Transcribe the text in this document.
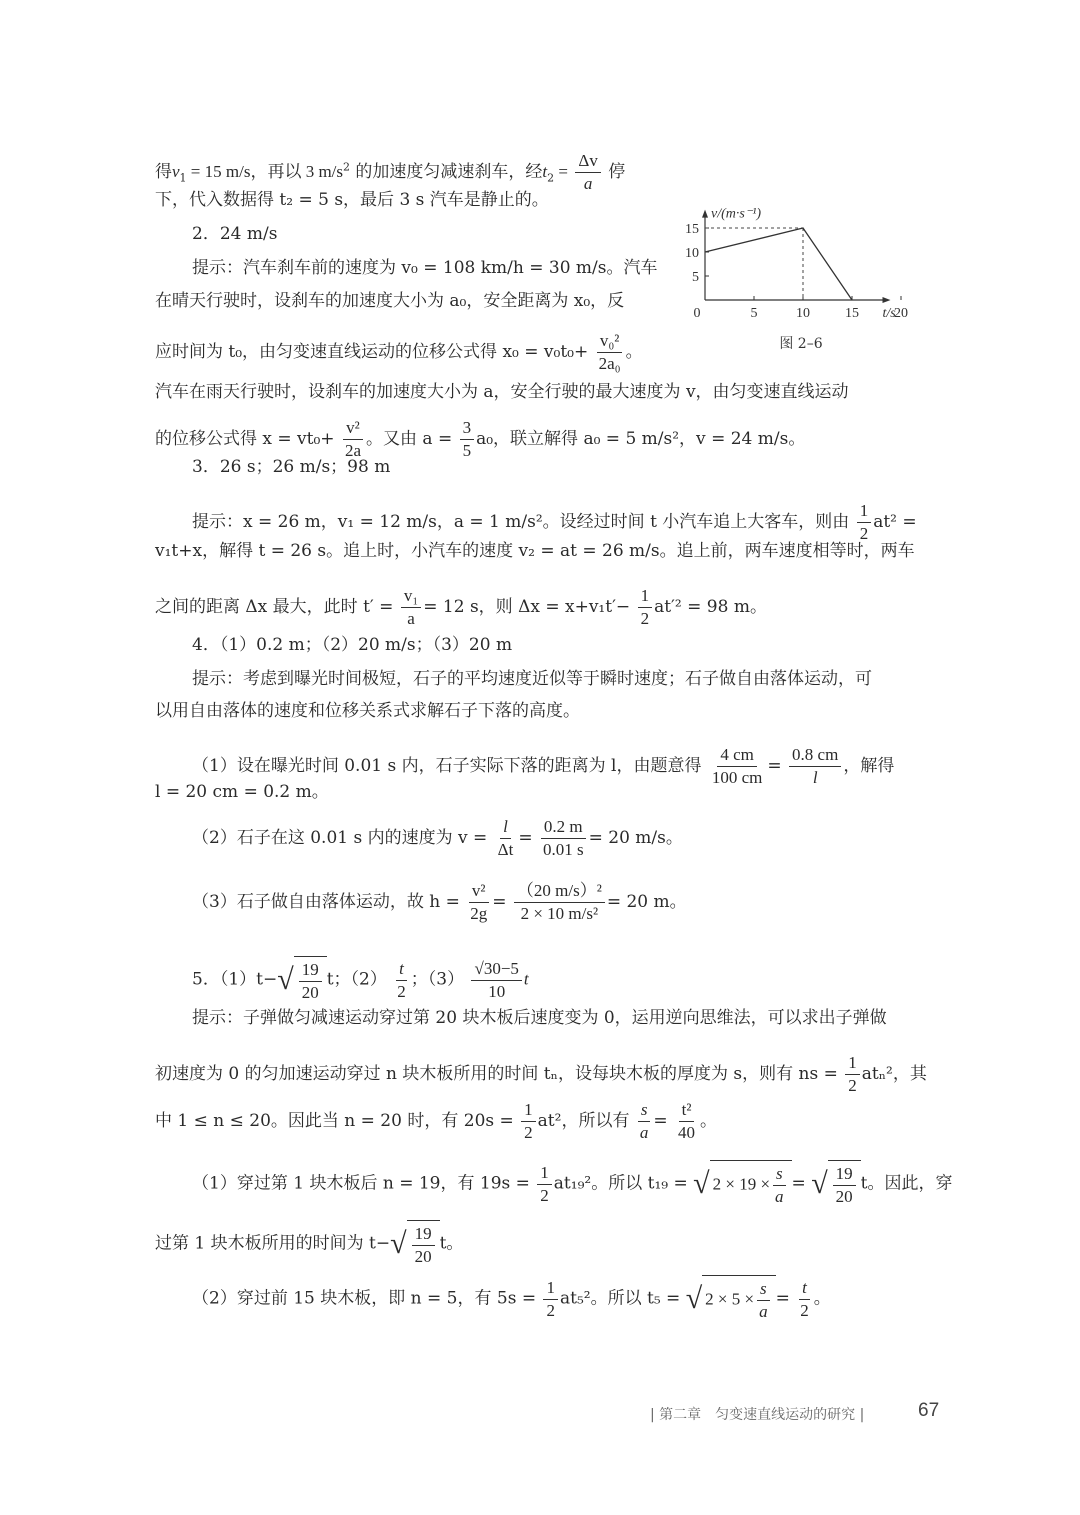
得$v_1 = 15$ m/s，再以 3 $m/s^2$ 的加速度匀减速刹车，经$t_2 = \frac{\Delta v}{a}$ 停
下，代入数据得 t₂ = 5 s，最后 3 s 汽车是静止的。
2．24 m/s
提示：汽车刹车前的速度为 v₀ = 108 km/h = 30 m/s。汽车
在晴天行驶时，设刹车的加速度大小为 a₀，安全距离为 x₀，反
应时间为 t₀，由匀变速直线运动的位移公式得 $x_0 = v_0t_0+ \frac{\text{v₀²}}{\text{2a₀}}$ 。
汽车在雨天行驶时，设刹车的加速度大小为 a，安全行驶的最大速度为 v，由匀变速直线运动
的位移公式得 $x = vt_0+ \frac{\text{v²}}{2a}$ 。又由 $a = \frac{3}{5} a_0$，联立解得 a₀ = 5 m/s²，v = 24 m/s。
3．26 s；26 m/s；98 m
提示：x = 26 m，v₁ = 12 m/s，a = 1 m/s²。设经过时间 t 小汽车追上大客车，则由 $\frac{1}{2} at^2$ =
v₁t+x，解得 t = 26 s。追上时，小汽车的速度 v₂ = at = 26 m/s。追上前，两车速度相等时，两车
之间的距离 Δx 最大，此时 $t' = \frac{\text{v₁}}{a} = 12$ s，则 $\Delta x = x+v_1t'- \frac{1}{2} at'^2 = 98$ m。
4．（1）0.2 m；（2）20 m/s；（3）20 m
提示：考虑到曝光时间极短，石子的平均速度近似等于瞬时速度；石子做自由落体运动，可
以用自由落体的速度和位移关系式求解石子下落的高度。
（1）设在曝光时间 0.01 s 内，石子实际下落的距离为 l，由题意得 $\frac{4 cm}{100 cm} = \frac{0.8 cm}{l}$ ，解得
l = 20 cm = 0.2 m。
（2）石子在这 0.01 s 内的速度为 $v = \frac{l}{\Delta t} = \frac{0.2 m}{0.01 s} = 20$ m/s。
（3）石子做自由落体运动，故 $h = \frac{\text{v²}}{2g} = \frac{\text{（20 m/s）²}}{\text{2 × 10 m/s²}} = 20$ m。
5．$(1)t-√ \frac{19}{20}$ t；$(2) \frac{t}{2}$ ；$(3) \frac{√30-5}{10}$ t
提示：子弹做匀减速运动穿过第 20 块木板后速度变为 0，运用逆向思维法，可以求出子弹做
初速度为 0 的匀加速运动穿过 n 块木板所用的时间 tₙ，设每块木板的厚度为 s，则有 ns = $\frac{1}{2} at_n^2$，其
中 1 ≤ n ≤ 20。因此当 n = 20 时，有 $20s = \frac{1}{2} at^2$，所以有 $\frac{s}{a} = \frac{\text{t²}}{40}$ 。
（1）穿过第 1 块木板后 n = 19，有 $19s = \frac{1}{2} at_{19}^2$。所以 t₁₉ = √ $2 \times 19 \times \frac{s}{a}$ = √ $\frac{19}{20}$ t。因此，穿
过第 1 块木板所用的时间为 $t-√ \frac{19}{20}$ t。
（2）穿过前 15 块木板，即 n = 5，有 $5s = \frac{1}{2} at_5^2$。所以 t₅ = √ $2 \times 5 \times \frac{s}{a} = \frac{t}{2}$ 。
0	5	10	15	20
5
10
15
v/(m·s⁻¹)
t/s
图 2–6
| 第二章　匀变速直线运动的研究 |	67
